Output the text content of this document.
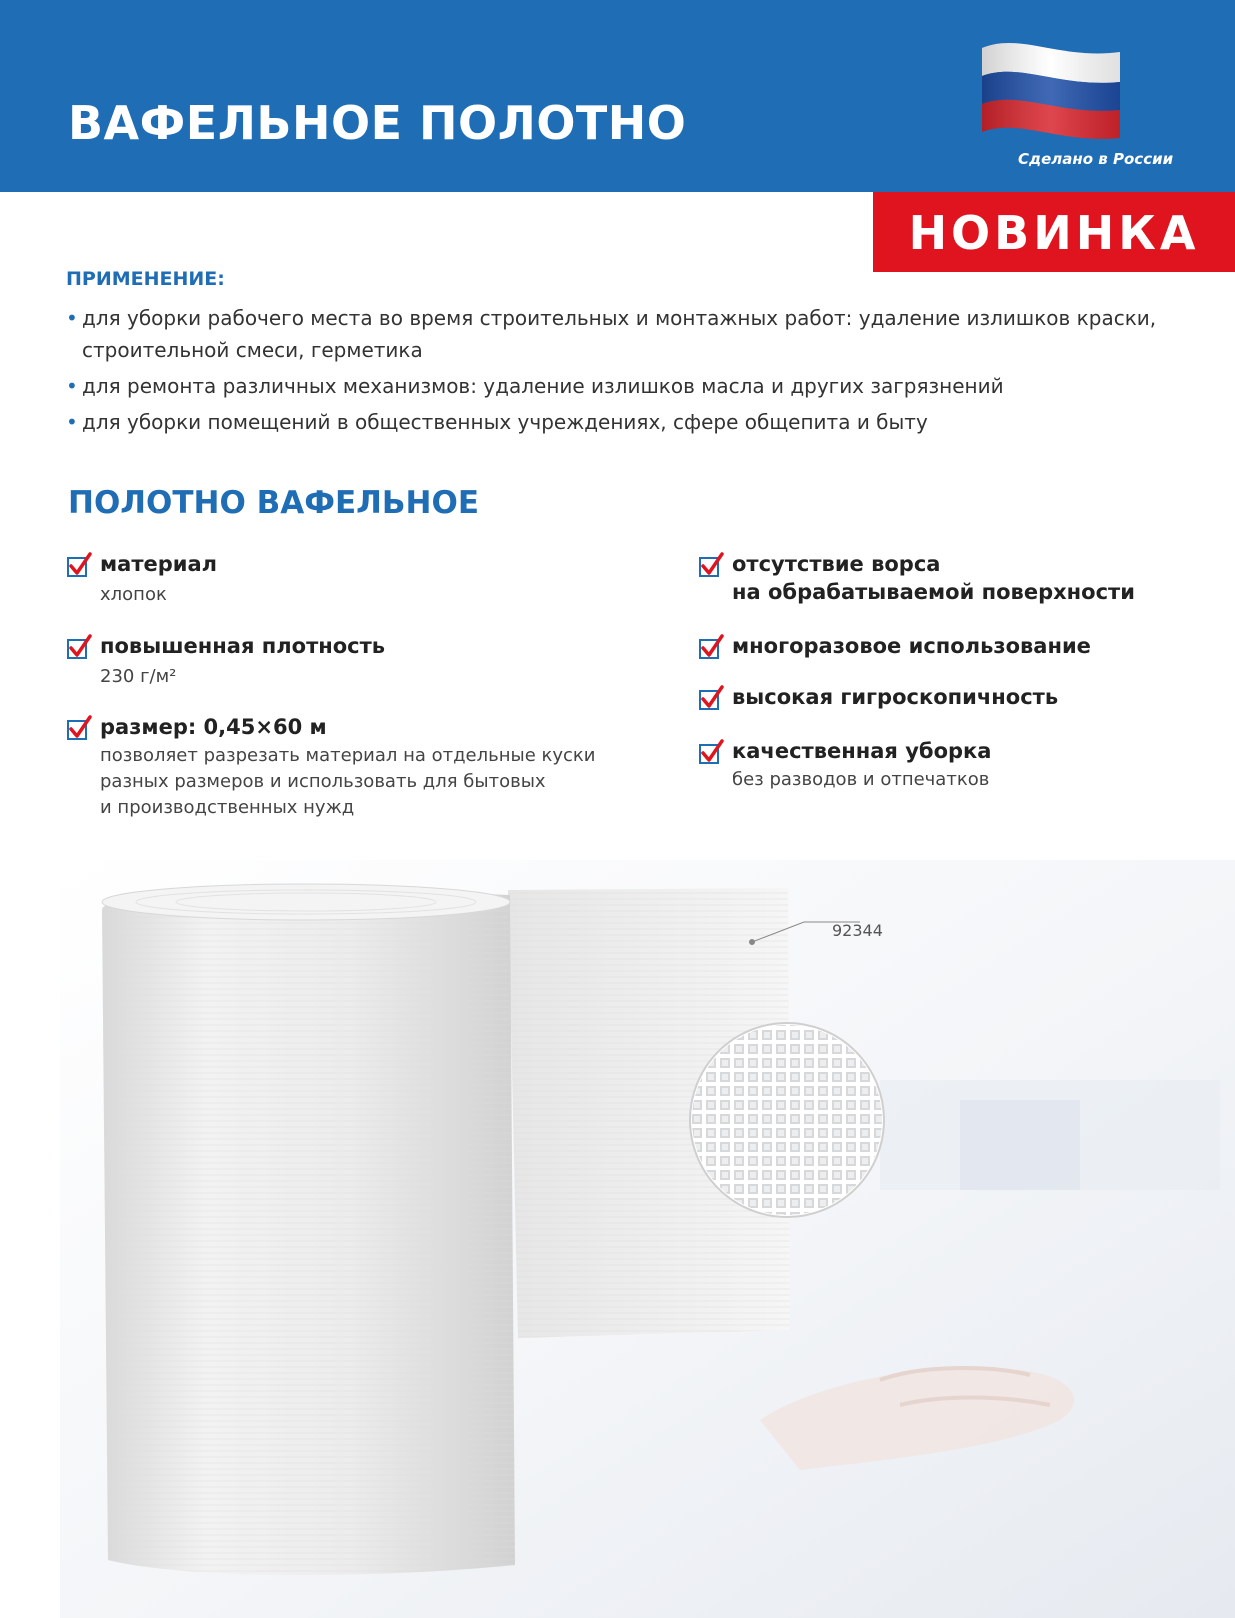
ВАФЕЛЬНОЕ ПОЛОТНО
Сделано в России
НОВИНКА
ПРИМЕНЕНИЕ:
• для уборки рабочего места во время строительных и монтажных работ: удаление излишков краски, строительной смеси, герметика
• для ремонта различных механизмов: удаление излишков масла и других загрязнений
• для уборки помещений в общественных учреждениях, сфере общепита и быту
ПОЛОТНО ВАФЕЛЬНОЕ
материал
хлопок
повышенная плотность
230 г/м²
размер: 0,45×60 м
позволяет разрезать материал на отдельные куски
разных размеров и использовать для бытовых
и производственных нужд
отсутствие ворса
на обрабатываемой поверхности
многоразовое использование
высокая гигроскопичность
качественная уборка
без разводов и отпечатков
92344
